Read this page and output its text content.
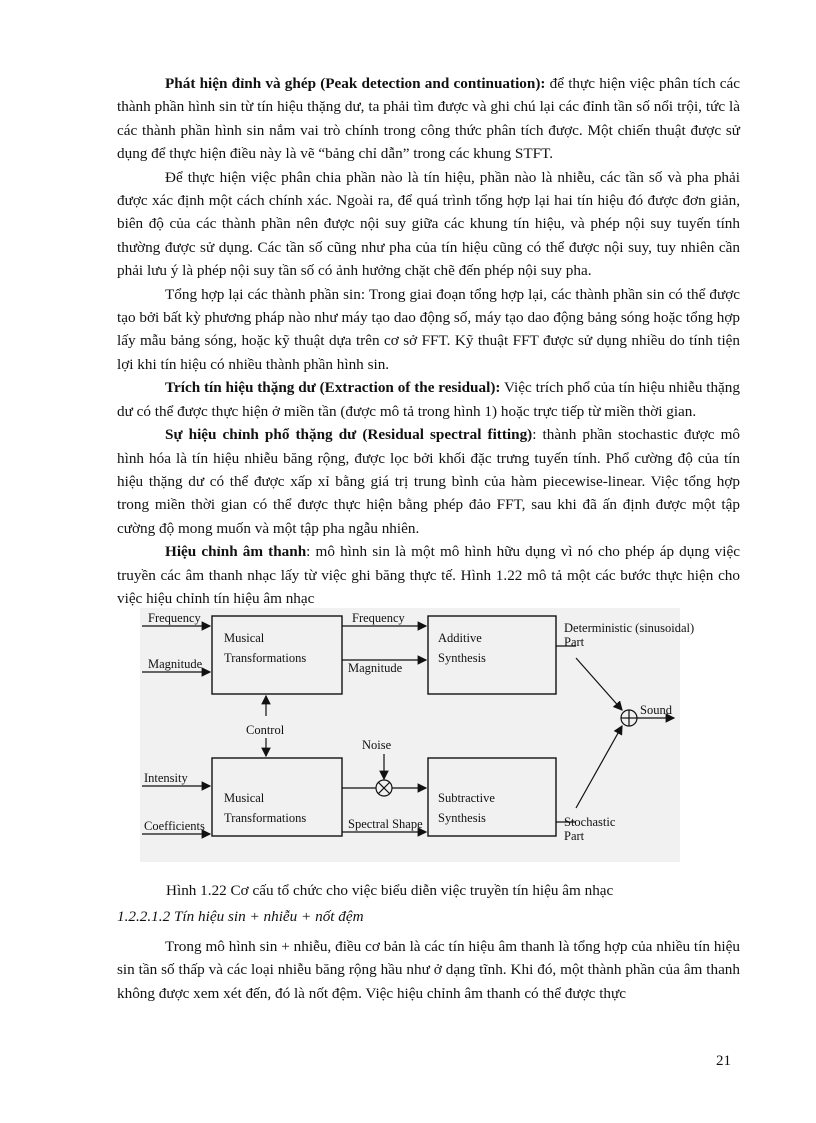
Phát hiện đỉnh và ghép (Peak detection and continuation): để thực hiện việc phân tích các thành phần hình sin từ tín hiệu thặng dư, ta phải tìm được và ghi chú lại các đỉnh tần số nổi trội, tức là các thành phần hình sin nắm vai trò chính trong công thức phân tích được. Một chiến thuật được sử dụng để thực hiện điều này là vẽ “bảng chỉ dẫn” trong các khung STFT.

Để thực hiện việc phân chia phần nào là tín hiệu, phần nào là nhiễu, các tần số và pha phải được xác định một cách chính xác. Ngoài ra, để quá trình tổng hợp lại hai tín hiệu đó được đơn giản, biên độ của các thành phần nên được nội suy giữa các khung tín hiệu, và phép nội suy tuyến tính thường được sử dụng. Các tần số cũng như pha của tín hiệu cũng có thể được nội suy, tuy nhiên cần phải lưu ý là phép nội suy tần số có ảnh hưởng chặt chẽ đến phép nội suy pha.

Tổng hợp lại các thành phần sin: Trong giai đoạn tổng hợp lại, các thành phần sin có thể được tạo bởi bất kỳ phương pháp nào như máy tạo dao động số, máy tạo dao động bảng sóng hoặc tổng hợp lấy mẫu bảng sóng, hoặc kỹ thuật dựa trên cơ sở FFT. Kỹ thuật FFT được sử dụng nhiều do tính tiện lợi khi tín hiệu có nhiều thành phần hình sin.

Trích tín hiệu thặng dư (Extraction of the residual): Việc trích phổ của tín hiệu nhiễu thặng dư có thể được thực hiện ở miền tần (được mô tả trong hình 1) hoặc trực tiếp từ miền thời gian.

Sự hiệu chỉnh phổ thặng dư (Residual spectral fitting): thành phần stochastic được mô hình hóa là tín hiệu nhiễu băng rộng, được lọc bởi khối đặc trưng tuyến tính. Phổ cường độ của tín hiệu thặng dư có thể được xấp xỉ bằng giá trị trung bình của hàm piecewise-linear. Việc tổng hợp trong miền thời gian có thể được thực hiện bằng phép đảo FFT, sau khi đã ấn định được một tập cường độ mong muốn và một tập pha ngẫu nhiên.

Hiệu chỉnh âm thanh: mô hình sin là một mô hình hữu dụng vì nó cho phép áp dụng việc truyền các âm thanh nhạc lấy từ việc ghi băng thực tế. Hình 1.22 mô tả một các bước thực hiện cho việc hiệu chỉnh tín hiệu âm nhạc

Musical
Transformations
Additive
Synthesis
Musical
Transformations
Subtractive
Synthesis
Frequency
Magnitude
Frequency
Magnitude
Control
Noise
Intensity
Coefficients	Spectral Shape
Deterministic (sinusoidal)
Part
Stochastic
Part
Sound
Hình 1.22 Cơ cấu tổ chức cho việc biểu diễn việc truyền tín hiệu âm nhạc
1.2.2.1.2 Tín hiệu sin + nhiễu + nốt đệm

Trong mô hình sin + nhiễu, điều cơ bản là các tín hiệu âm thanh là tổng hợp của nhiều tín hiệu sin tần số thấp và các loại nhiễu băng rộng hầu như ở dạng tĩnh. Khi đó, một thành phần của âm thanh không được xem xét đến, đó là nốt đệm. Việc hiệu chỉnh âm thanh có thể được thực

21
